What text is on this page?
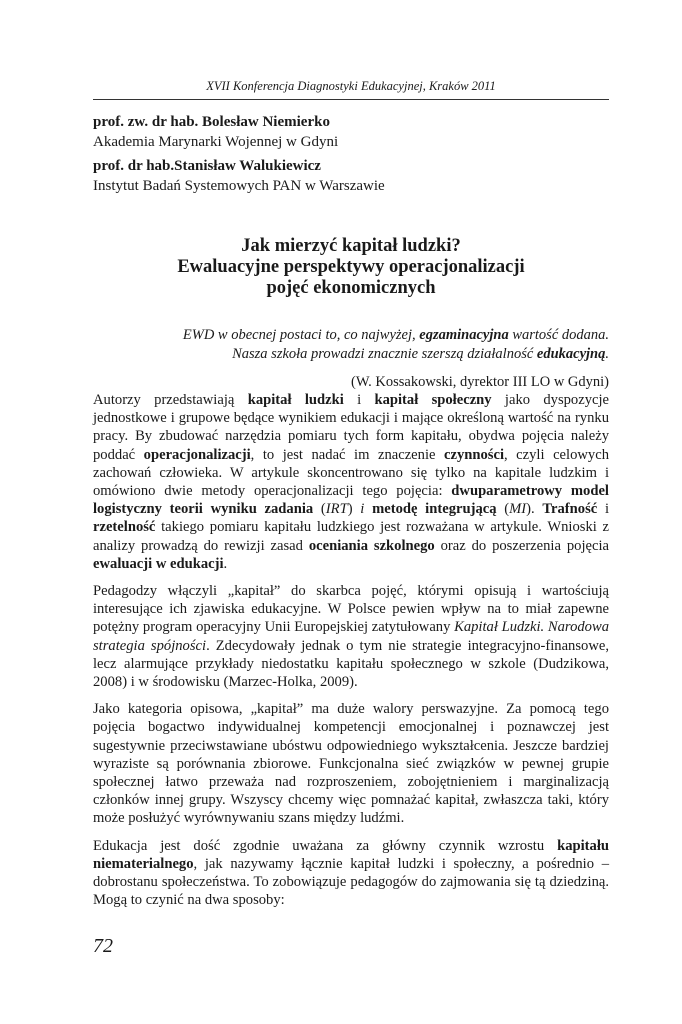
XVII Konferencja Diagnostyki Edukacyjnej, Kraków 2011
prof. zw. dr hab. Bolesław Niemierko
Akademia Marynarki Wojennej w Gdyni
prof. dr hab.Stanisław Walukiewicz
Instytut Badań Systemowych PAN w Warszawie
Jak mierzyć kapitał ludzki?
Ewaluacyjne perspektywy operacjonalizacji
pojęć ekonomicznych
EWD w obecnej postaci to, co najwyżej, egzaminacyjna wartość dodana.
Nasza szkoła prowadzi znacznie szerszą działalność edukacyjną.
(W. Kossakowski, dyrektor III LO w Gdyni)

Autorzy przedstawiają kapitał ludzki i kapitał społeczny jako dyspozycje jednostkowe i grupowe będące wynikiem edukacji i mające określoną wartość na rynku pracy. By zbudować narzędzia pomiaru tych form kapitału, obydwa pojęcia należy poddać operacjonalizacji, to jest nadać im znaczenie czynności, czyli celowych zachowań człowieka. W artykule skoncentrowano się tylko na kapitale ludzkim i omówiono dwie metody operacjonalizacji tego pojęcia: dwuparametrowy model logistyczny teorii wyniku zadania (IRT) i metodę integrującą (MI). Trafność i rzetelność takiego pomiaru kapitału ludzkiego jest rozważana w artykule. Wnioski z analizy prowadzą do rewizji zasad oceniania szkolnego oraz do poszerzenia pojęcia ewaluacji w edukacji.

Pedagodzy włączyli „kapitał” do skarbca pojęć, którymi opisują i wartościują interesujące ich zjawiska edukacyjne. W Polsce pewien wpływ na to miał zapewne potężny program operacyjny Unii Europejskiej zatytułowany Kapitał Ludzki. Narodowa strategia spójności. Zdecydowały jednak o tym nie strategie integracyjno-finansowe, lecz alarmujące przykłady niedostatku kapitału społecznego w szkole (Dudzikowa, 2008) i w środowisku (Marzec-Holka, 2009).

Jako kategoria opisowa, „kapitał” ma duże walory perswazyjne. Za pomocą tego pojęcia bogactwo indywidualnej kompetencji emocjonalnej i poznawczej jest sugestywnie przeciwstawiane ubóstwu odpowiedniego wykształcenia. Jeszcze bardziej wyraziste są porównania zbiorowe. Funkcjonalna sieć związków w pewnej grupie społecznej łatwo przeważa nad rozproszeniem, zobojętnieniem i marginalizacją członków innej grupy. Wszyscy chcemy więc pomnażać kapitał, zwłaszcza taki, który może posłużyć wyrównywaniu szans między ludźmi.

Edukacja jest dość zgodnie uważana za główny czynnik wzrostu kapitału niematerialnego, jak nazywamy łącznie kapitał ludzki i społeczny, a pośrednio – dobrostanu społeczeństwa. To zobowiązuje pedagogów do zajmowania się tą dziedziną. Mogą to czynić na dwa sposoby:

72
